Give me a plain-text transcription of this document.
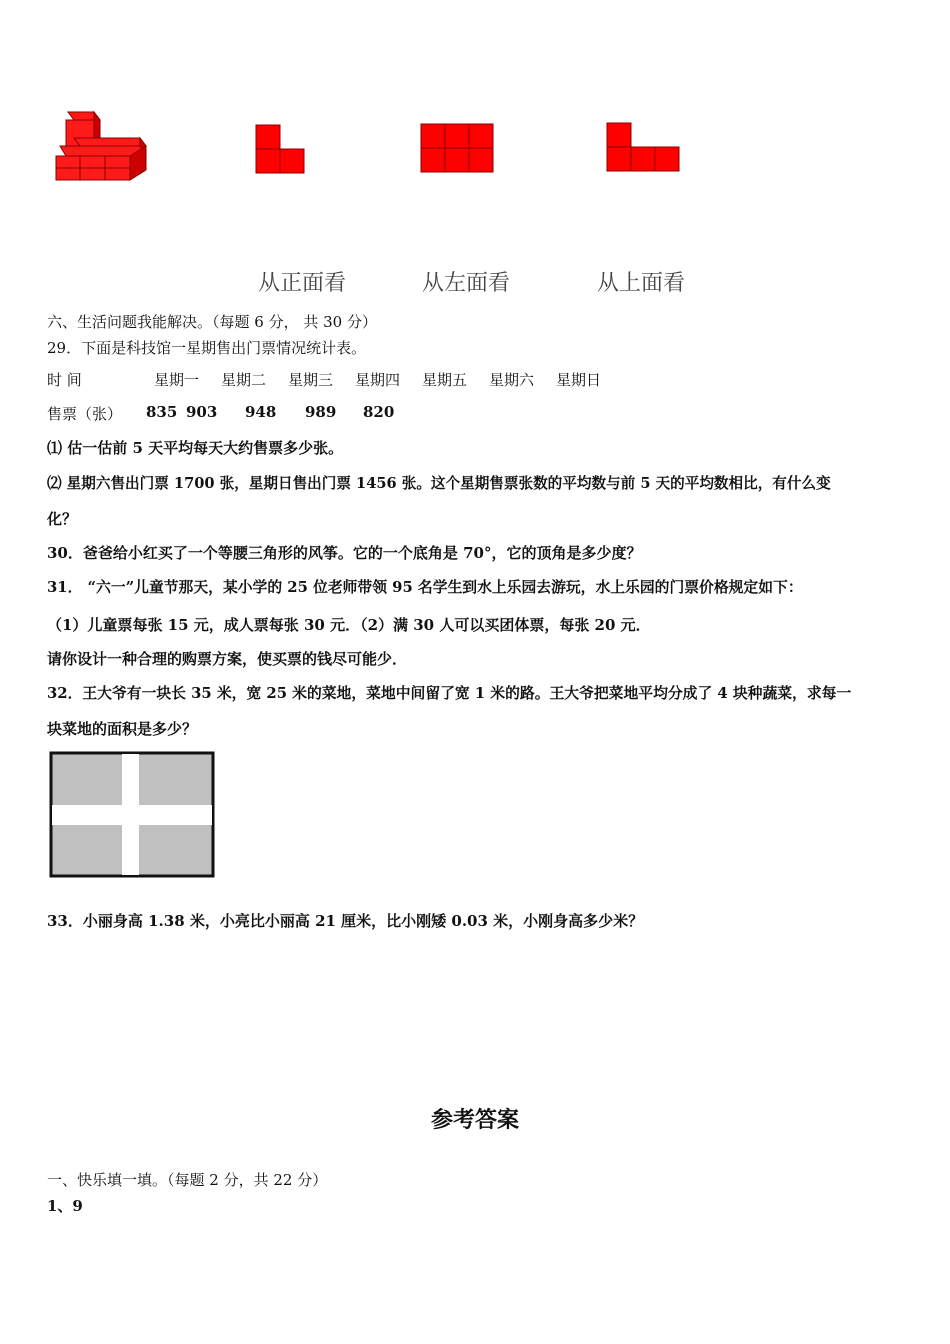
从正面看	从左面看	从上面看
六、生活问题我能解决。（每题 6 分， 共 30 分）
29．下面是科技馆一星期售出门票情况统计表。
时 间	星期一 星期二 星期三 星期四 星期五 星期六 星期日
售票（张） 835 903 948 989 820
⑴ 估一估前 5 天平均每天大约售票多少张。
⑵ 星期六售出门票 1700 张，星期日售出门票 1456 张。这个星期售票张数的平均数与前 5 天的平均数相比，有什么变
化？
30．爸爸给小红买了一个等腰三角形的风筝。它的一个底角是 70°，它的顶角是多少度？
31． “六一”儿童节那天，某小学的 25 位老师带领 95 名学生到水上乐园去游玩，水上乐园的门票价格规定如下：
（1）儿童票每张 15 元，成人票每张 30 元．（2）满 30 人可以买团体票，每张 20 元．
请你设计一种合理的购票方案，使买票的钱尽可能少．
32．王大爷有一块长 35 米，宽 25 米的菜地，菜地中间留了宽 1 米的路。王大爷把菜地平均分成了 4 块种蔬菜，求每一
块菜地的面积是多少？
33．小丽身高 1.38 米，小亮比小丽高 21 厘米，比小刚矮 0.03 米，小刚身高多少米？
参考答案
一、快乐填一填。（每题 2 分，共 22 分）
1、9
